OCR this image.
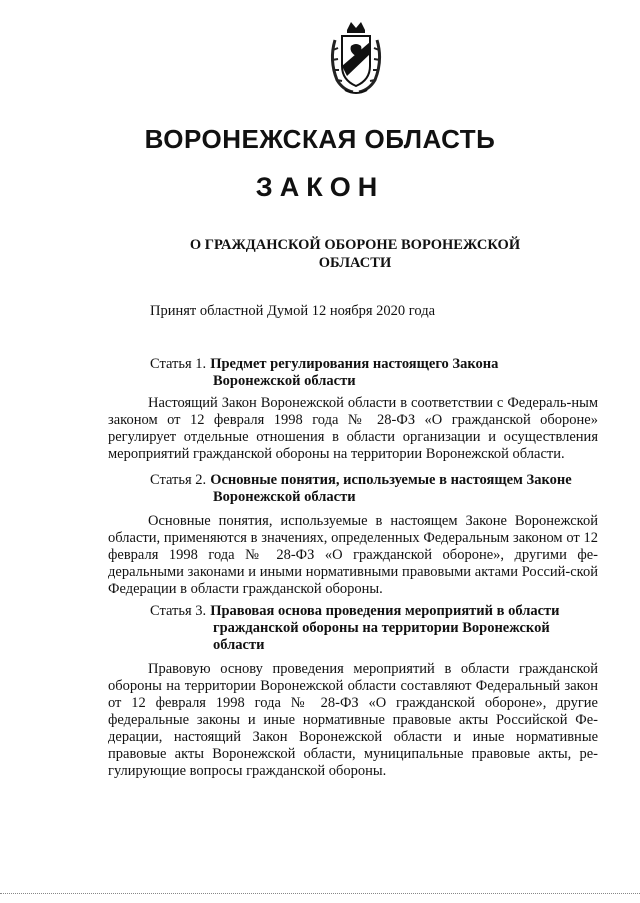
ВОРОНЕЖСКАЯ ОБЛАСТЬ
ЗАКОН
О ГРАЖДАНСКОЙ ОБОРОНЕ ВОРОНЕЖСКОЙ
ОБЛАСТИ

Принят областной Думой 12 ноября 2020 года

Статья 1. Предмет регулирования настоящего Закона
Воронежской области

Настоящий Закон Воронежской области в соответствии с Федераль-ным законом от 12 февраля 1998 года № 28-ФЗ «О гражданской обороне» регулирует отдельные отношения в области организации и осуществления мероприятий гражданской обороны на территории Воронежской области.

Статья 2. Основные понятия, используемые в настоящем Законе
Воронежской области

Основные понятия, используемые в настоящем Законе Воронежской области, применяются в значениях, определенных Федеральным законом от 12 февраля 1998 года № 28-ФЗ «О гражданской обороне», другими фе-деральными законами и иными нормативными правовыми актами Россий-ской Федерации в области гражданской обороны.

Статья 3. Правовая основа проведения мероприятий в области
гражданской обороны на территории Воронежской
области

Правовую основу проведения мероприятий в области гражданской обороны на территории Воронежской области составляют Федеральный закон от 12 февраля 1998 года № 28-ФЗ «О гражданской обороне», другие федеральные законы и иные нормативные правовые акты Российской Фе-дерации, настоящий Закон Воронежской области и иные нормативные правовые акты Воронежской области, муниципальные правовые акты, ре-гулирующие вопросы гражданской обороны.
